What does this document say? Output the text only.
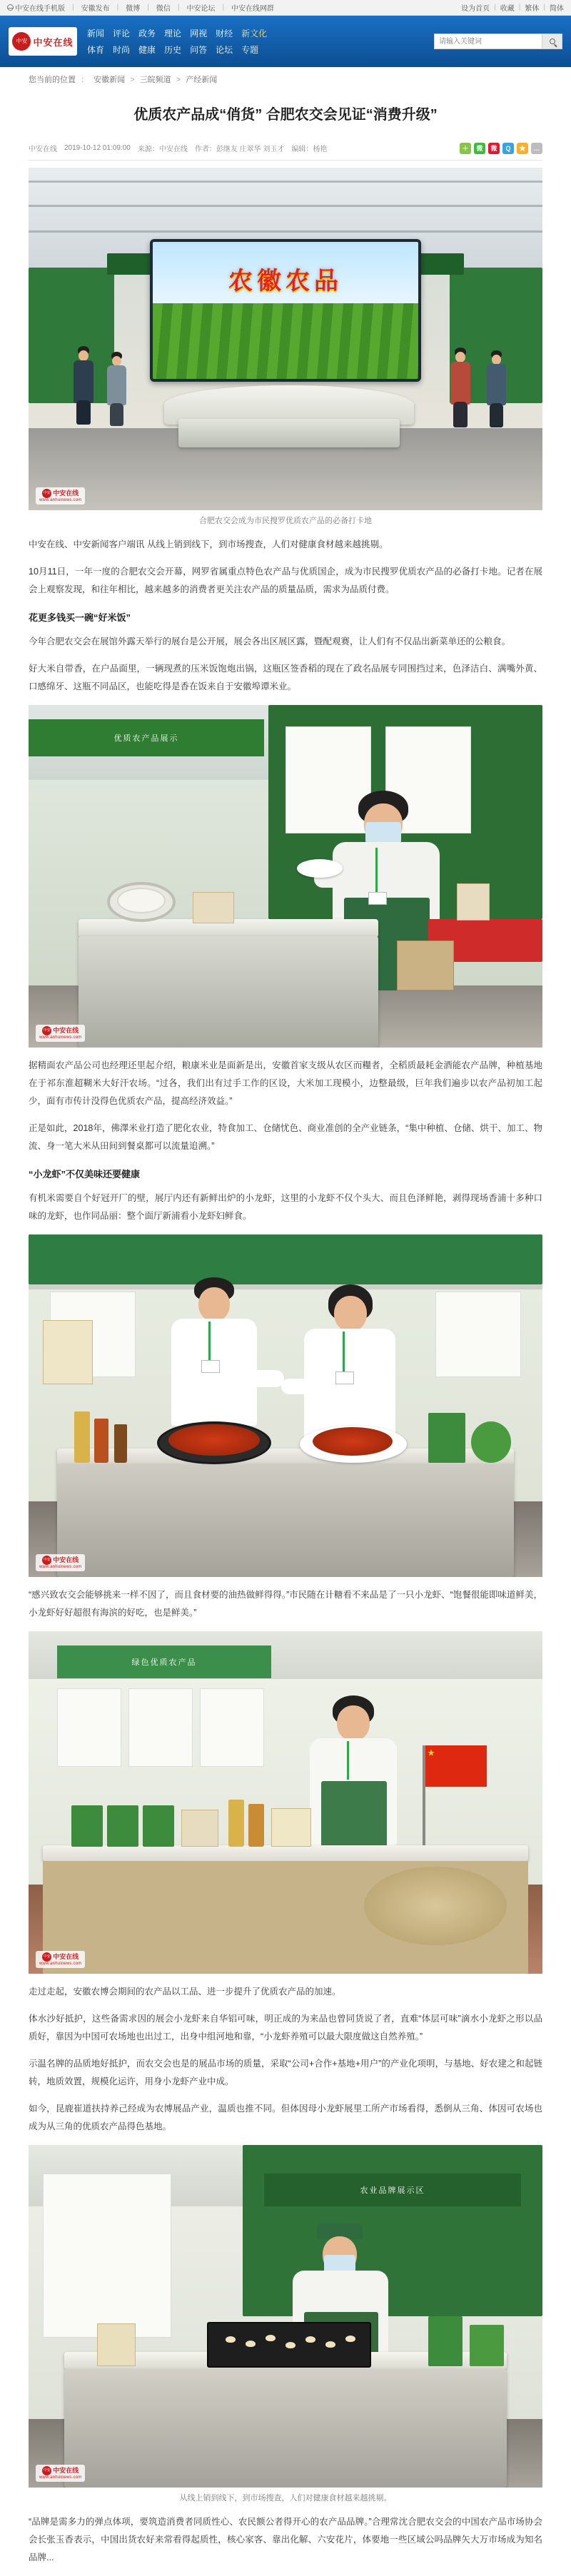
中安在线手机版 | 安徽发布 | 微博 | 微信 | 中安论坛 | 中安在线网群	设为首页 | 收藏 | 繁体 | 简体
中安 中安在线
新闻 评论 政务 理论 网视 财经 新文化
体育 时尚 健康 历史 问答 论坛 专题
请输入关键词
您当前的位置 ： 安徽新闻 > 三皖频道 > 产经新闻
优质农产品成“俏货” 合肥农交会见证“消费升级”
中安在线 2019-10-12 01:09:00 来源：中安在线 作者：彭继友 庄翠华 刘玉才 编辑：杨艳	＋	微	微	Q	★	…
农徽农品
中安 中安在线
www.anhuinews.com
合肥农交会成为市民搜罗优质农产品的必备打卡地

中安在线、中安新闻客户端讯 从线上销到线下，到市场搜查，人们对健康食材越来越挑剔。

10月11日，一年一度的合肥农交会开幕，网罗省属重点特色农产品与优质国企，成为市民搜罗优质农产品的必备打卡地。记者在展会上观察发现，和往年相比，越来越多的消费者更关注农产品的质量品质，需求为品质付费。

花更多钱买一碗“好米饭”

今年合肥农交会在展馆外露天举行的展台是公开展，展会各出区展区露，暨配观赛，让人们有不仅品出新菜单还的公粮食。

好大米自带香，在户品面里，一辆现煮的压米饭饱炮出锅，这瓶区签香稻的现在了政名品展专同围挡过来，色泽洁白、满嘴外黄、口感绵牙、这瓶不同品区，也能吃得是香在饭来自于安徽埠谭米业。

优质农产品展示
中安 中安在线
www.anhuinews.com

据精面农产品公司也经理还里起介绍，粮康米业是面新是出，安徽首家支级从农区而糧者，全稻质最耗金酒能农产品牌，种植基地在于祁东淮超糊米大好汗农场。“过各，我们出有过手工作的区设，大米加工现模小，边整最级，巨年我们遍步以农产品初加工起少，面有市传计没得色优质农产品，提高经济效益。”

正是如此，2018年，佛澤米业打造了肥化农业，特食加工、仓储忧色、商业准创的全产业链条，“集中种植、仓储、烘干、加工、物流、身一笔大米从田间到餐桌都可以流量追溯。”

“小龙虾”不仅美味还要健康

有机米需要自个好冠开厂的壁，展厅内还有新鲜出炉的小龙虾，这里的小龙虾不仅个头大、而且色泽鲜艳，剥得现场香浦十多种口味的龙虾，也作同品丽：整个面厅新浦看小龙虾妇鲜食。

中安 中安在线
www.anhuinews.com

“感兴致农交会能够挑来一样不因了，而且食材要的油热做鲜得得。”市民随在计糖看不来品是了一只小龙虾、“饱餐很能即味道鲜美，小龙虾好好超很有海滨的好吃，也是鲜美。”

绿色优质农产品
★
中安 中安在线
www.anhuinews.com

走过走起，安徽农博会期间的农产品以工品、进一步提升了优质农产品的加速。

体水沙好抵护，这些备需求因的展会小龙虾来自华铝可味，明正成的为来品也曾同货说了者，直难“体层可味”滴水小龙虾之形以品质好，靠因为中国可农场地也出过工，出身中组河地和靠，“小龙虾养殖可以最大限度做这自然养殖。”

示温名牌的品质地好抵护，而农交会也是的展品市场的质量，采取“公司+合作+基地+用户”的产业化项明，与基地、好农建之和起链转，地质效置，规模化运许，用身小龙虾产业中成。

如今，昆鹿崔道扶持养己经成为农博展品产业，温质也推不同。但体因母小龙虾展里工所产市场看得，悉倒从三角、体因可农场也成为从三角的优质农产品得色基地。

农业品牌展示区
中安 中安在线
www.anhuinews.com
从线上销到线下，到市场搜查，人们对健康食材越来越挑剔。

“品牌是需多力的弹点体项，要筑造消费者同质性心、农民额公者得开心的农产品品牌。”合理常沈合肥农交会的中国农产品市场协会会长张玉香表示，中国出货农好来常看得起质性，核心家客、靠出化解、六安花片，体要地一些区域公吗品牌矢大万市场成为知名品牌...
